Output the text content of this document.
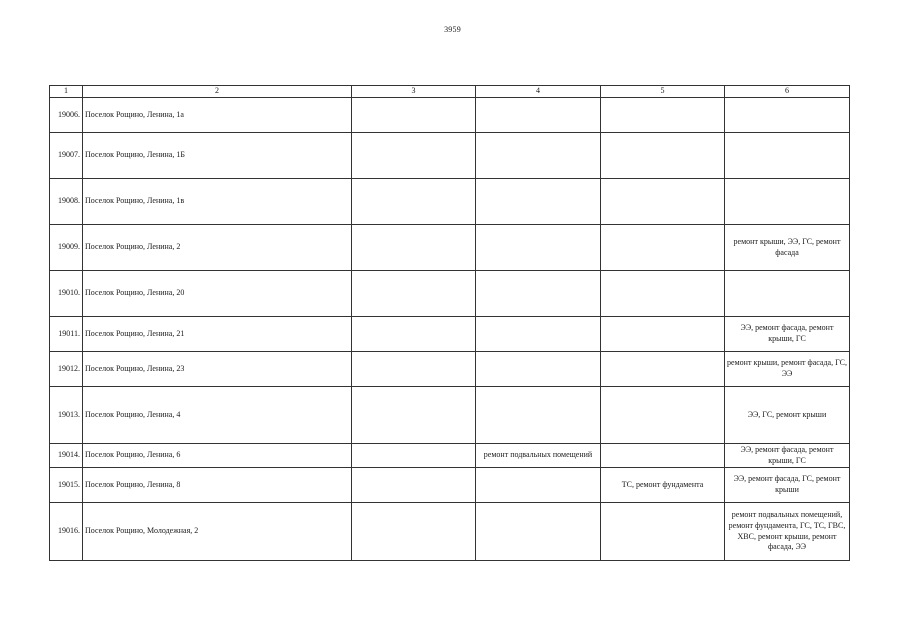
3959
1	2	3	4	5	6
19006.	Поселок Рощино, Ленина, 1а				
19007.	Поселок Рощино, Ленина, 1Б				
19008.	Поселок Рощино, Ленина, 1в				
19009.	Поселок Рощино, Ленина, 2				ремонт крыши, ЭЭ, ГС, ремонт фасада
19010.	Поселок Рощино, Ленина, 20				
19011.	Поселок Рощино, Ленина, 21				ЭЭ, ремонт фасада, ремонт крыши, ГС
19012.	Поселок Рощино, Ленина, 23				ремонт крыши, ремонт фасада, ГС, ЭЭ
19013.	Поселок Рощино, Ленина, 4				ЭЭ, ГС, ремонт крыши
19014.	Поселок Рощино, Ленина, 6		ремонт подвальных помещений		ЭЭ, ремонт фасада, ремонт крыши, ГС
19015.	Поселок Рощино, Ленина, 8			ТС, ремонт фундамента	ЭЭ, ремонт фасада, ГС, ремонт крыши
19016.	Поселок Рощино, Молодежная, 2				ремонт подвальных помещений, ремонт фундамента, ГС, ТС, ГВС, ХВС, ремонт крыши, ремонт фасада, ЭЭ
